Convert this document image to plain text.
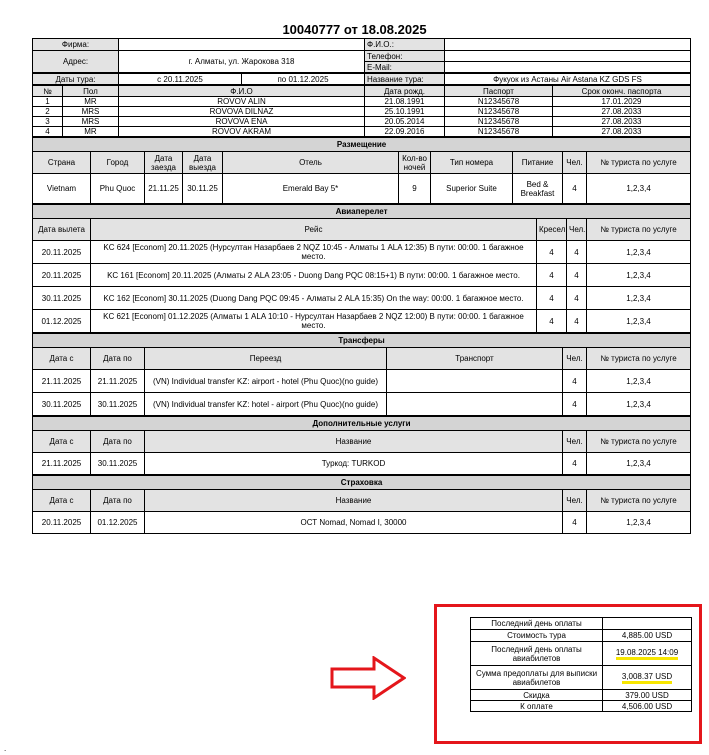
10040777 от 18.08.2025
Фирма:		Ф.И.О.:	
Адрес:	г. Алматы, ул. Жарокова 318	Телефон:	
		E-Mail:	
Даты тура:	с 20.11.2025	по 01.12.2025	Название тура:	Фукуок из Астаны Air Astana KZ GDS FS
№	Пол	Ф.И.О	Дата рожд.	Паспорт	Срок оконч. паспорта
1	MR	ROVOV ALIN	21.08.1991	N12345678	17.01.2029
2	MRS	ROVOVA DILNAZ	25.10.1991	N12345678	27.08.2033
3	MRS	ROVOVA ENA	20.05.2014	N12345678	27.08.2033
4	MR	ROVOV AKRAM	22.09.2016	N12345678	27.08.2033
Размещение									
Страна	Город	Дата заезда	Дата выезда	Отель	Кол-во ночей	Тип номера	Питание	Чел.	№ туриста по услуге
Vietnam	Phu Quoc	21.11.25	30.11.25	Emerald Bay 5*	9	Superior Suite	Bed & Breakfast	4	1,2,3,4
Авиаперелет				
Дата вылета	Рейс	Кресел	Чел.	№ туриста по услуге
20.11.2025	KC 624 [Econom] 20.11.2025 (Нурсултан Назарбаев 2 NQZ 10:45 - Алматы 1 ALA 12:35) В пути: 00:00. 1 багажное место.	4	4	1,2,3,4
20.11.2025	KC 161 [Econom] 20.11.2025 (Алматы 2 ALA 23:05 - Duong Dang PQC 08:15+1) В пути: 00:00. 1 багажное место.	4	4	1,2,3,4
30.11.2025	KC 162 [Econom] 30.11.2025 (Duong Dang PQC 09:45 - Алматы 2 ALA 15:35) On the way: 00:00. 1 багажное место.	4	4	1,2,3,4
01.12.2025	KC 621 [Econom] 01.12.2025 (Алматы 1 ALA 10:10 - Нурсултан Назарбаев 2 NQZ 12:00) В пути: 00:00. 1 багажное место.	4	4	1,2,3,4
Трансферы					
Дата с	Дата по	Переезд	Транспорт	Чел.	№ туриста по услуге
21.11.2025	21.11.2025	(VN) Individual transfer KZ: airport - hotel (Phu Quoc)(no guide)		4	1,2,3,4
30.11.2025	30.11.2025	(VN) Individual transfer KZ: hotel - airport (Phu Quoc)(no guide)		4	1,2,3,4
Дополнительные услуги				
Дата с	Дата по	Название	Чел.	№ туриста по услуге
21.11.2025	30.11.2025	Туркод: TURKOD	4	1,2,3,4
Страховка				
Дата с	Дата по	Название	Чел.	№ туриста по услуге
20.11.2025	01.12.2025	ОСТ Nomad, Nomad I, 30000	4	1,2,3,4
Последний день оплаты	
Стоимость тура	4,885.00 USD
Последний день оплаты авиабилетов	19.08.2025 14:09
Сумма предоплаты для выписки авиабилетов	3,008.37 USD
Скидка	379.00 USD
К оплате	4,506.00 USD
.
